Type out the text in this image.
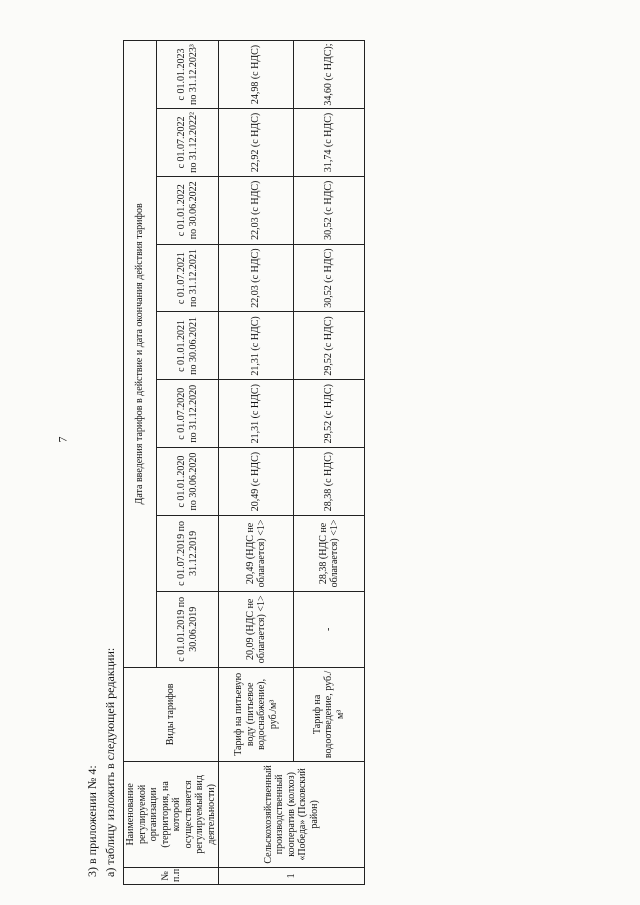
7
3) в приложении № 4: а) таблицу изложить в следующей редакции:	№ п.п	Наименование регулируемой организации (территория, на которой осуществляется регулируемый вид деятельности)	Виды тарифов	Дата введения тарифов в действие и дата окончания действия тарифов								
			с 01.01.2019 по 30.06.2019	с 01.07.2019 по 31.12.2019	с 01.01.2020 по 30.06.2020	с 01.07.2020 по 31.12.2020	с 01.01.2021 по 30.06.2021	с 01.07.2021 по 31.12.2021	с 01.01.2022 по 30.06.2022	с 01.07.2022 по 31.12.2022²	с 01.01.2023 по 31.12.2023³
1	Сельскохозяйственный производственный кооператив (колхоз) «Победа» (Псковский район)	Тариф на питьевую воду (питьевое водоснабжение), руб./м³	20,09 (НДС не облагается) <1>	20,49 (НДС не облагается) <1>	20,49 (с НДС)	21,31 (с НДС)	21,31 (с НДС)	22,03 (с НДС)	22,03 (с НДС)	22,92 (с НДС)	24,98 (с НДС)
		Тариф на водоотведение, руб./м³	-	28,38 (НДС не облагается) <1>	28,38 (с НДС)	29,52 (с НДС)	29,52 (с НДС)	30,52 (с НДС)	30,52 (с НДС)	31,74 (с НДС)	34,60 (с НДС);
